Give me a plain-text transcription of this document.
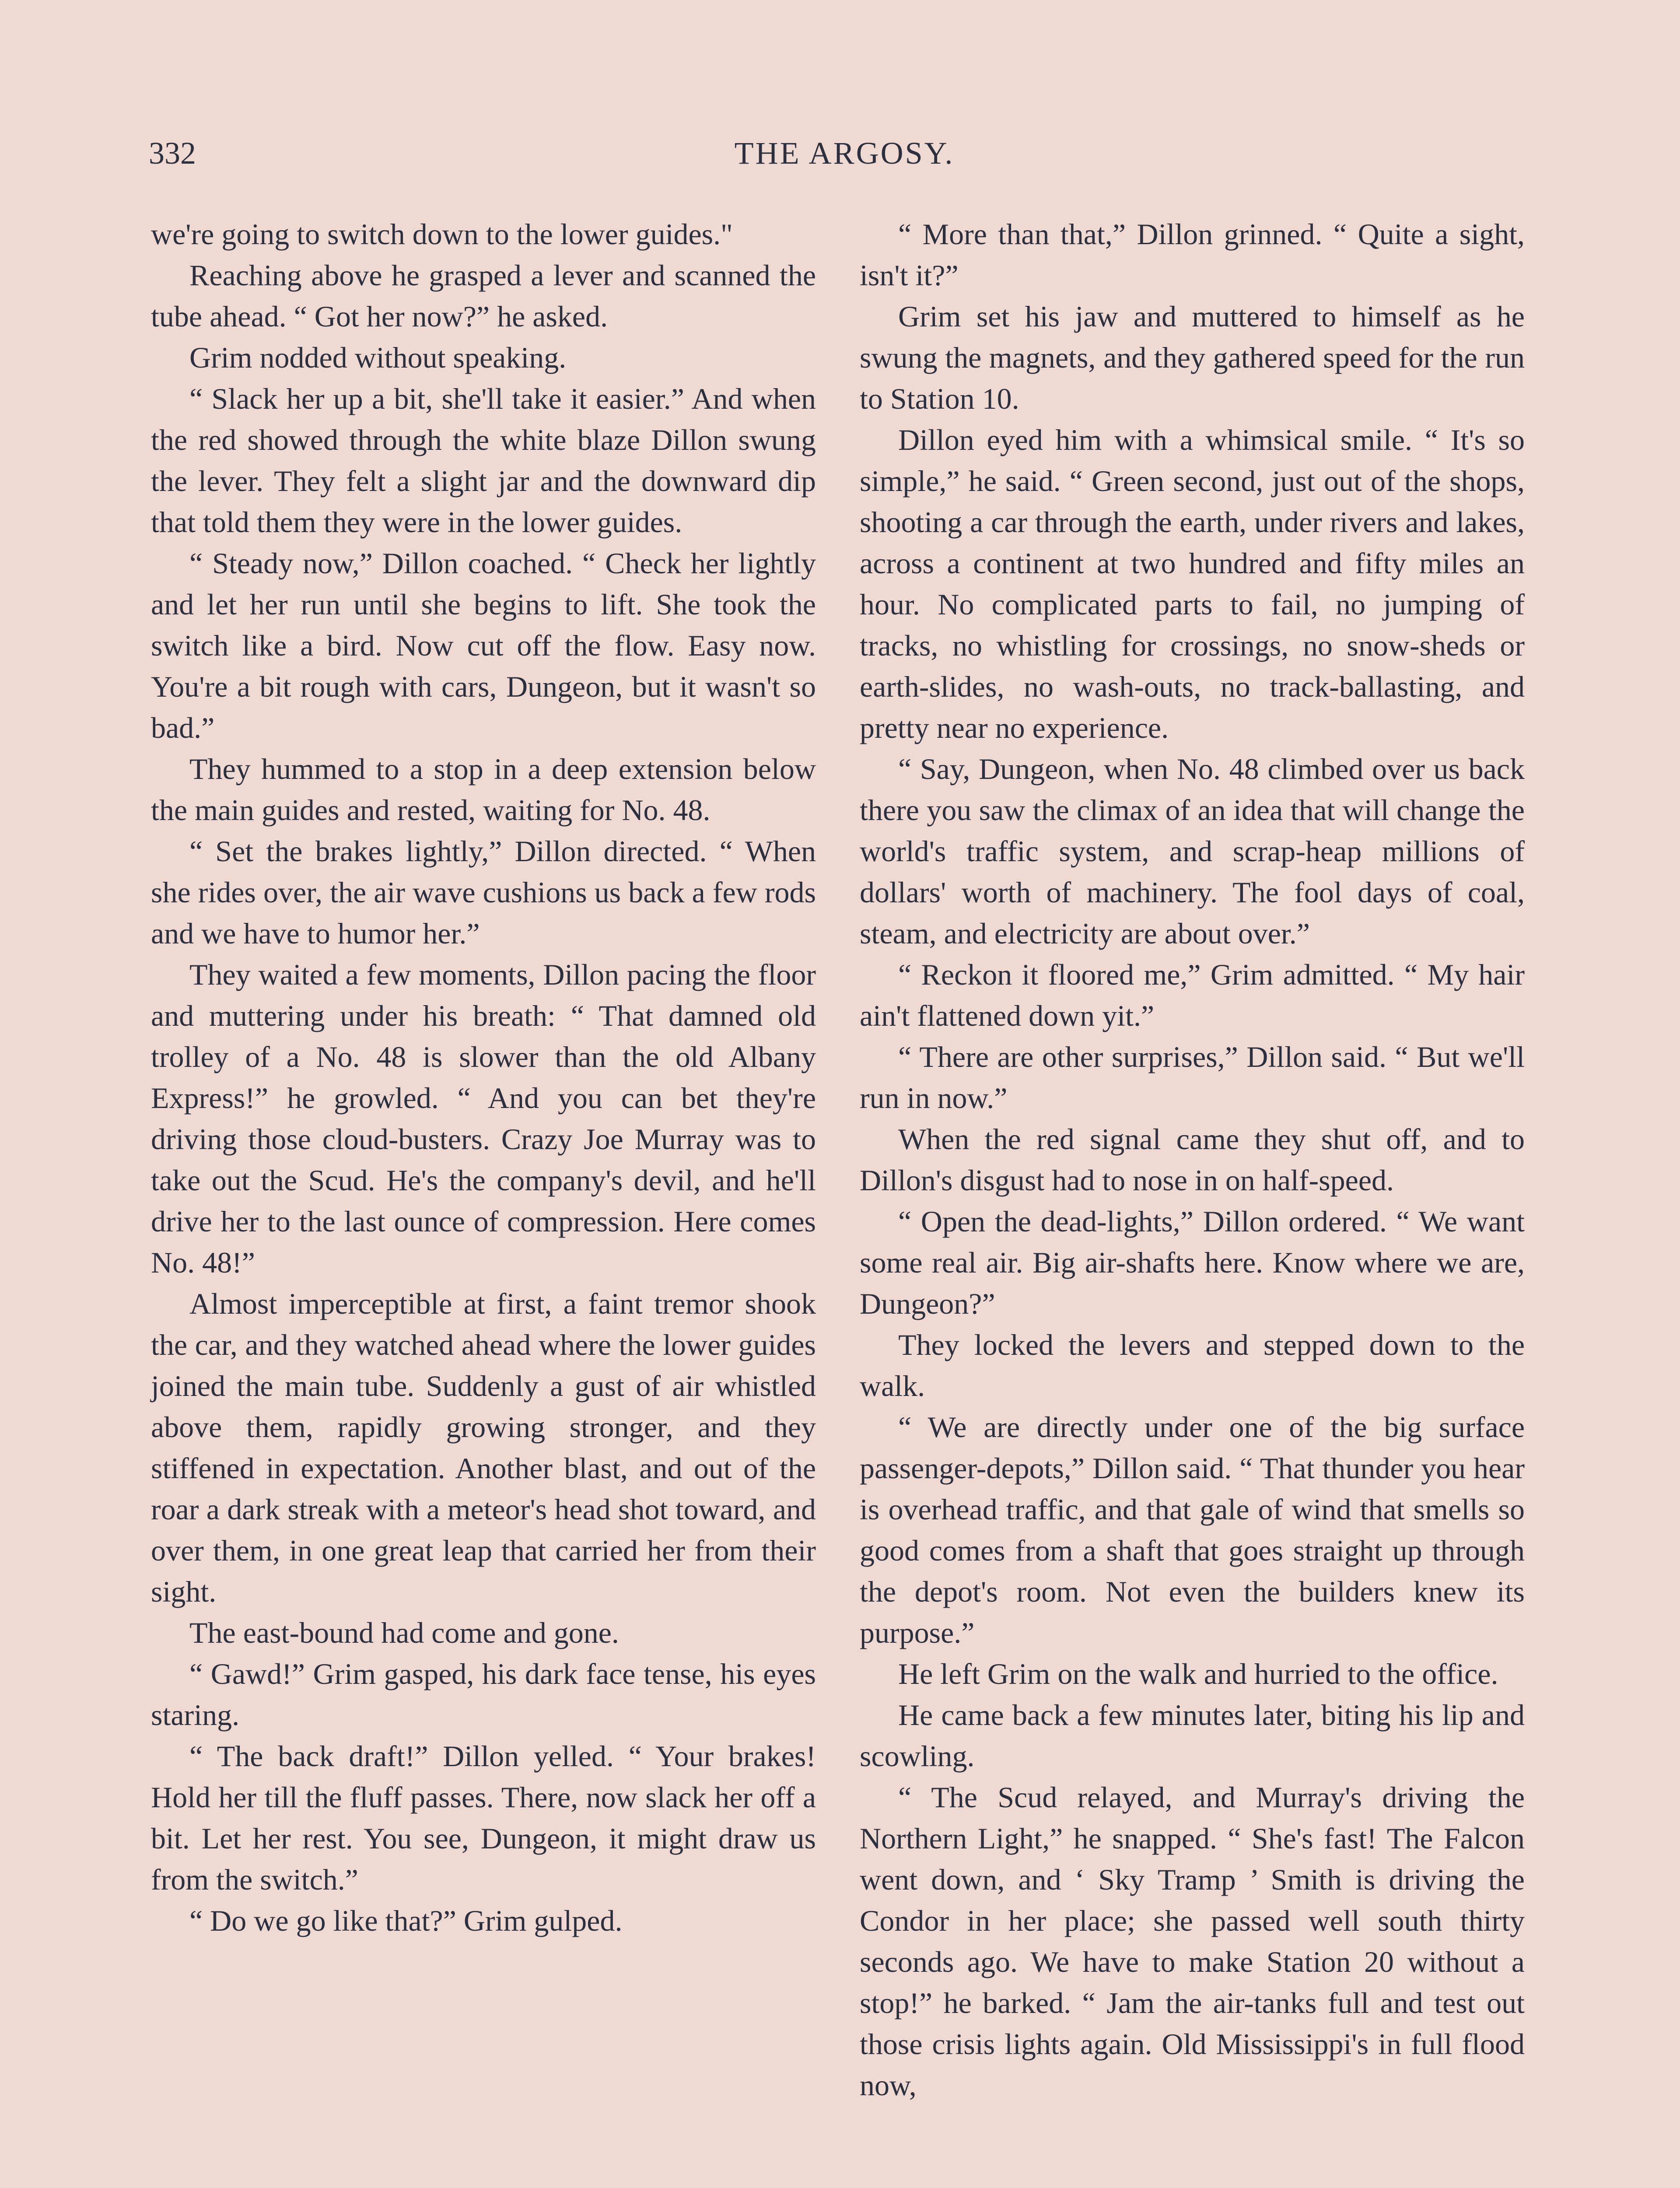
332	THE ARGOSY.

we're going to switch down to the lower guides."

Reaching above he grasped a lever and scanned the tube ahead. “ Got her now?” he asked.

Grim nodded without speaking.

“ Slack her up a bit, she'll take it easier.” And when the red showed through the white blaze Dillon swung the lever. They felt a slight jar and the downward dip that told them they were in the lower guides.

“ Steady now,” Dillon coached. “ Check her lightly and let her run until she begins to lift. She took the switch like a bird. Now cut off the flow. Easy now. You're a bit rough with cars, Dungeon, but it wasn't so bad.”

They hummed to a stop in a deep extension below the main guides and rested, waiting for No. 48.

“ Set the brakes lightly,” Dillon directed. “ When she rides over, the air wave cushions us back a few rods and we have to humor her.”

They waited a few moments, Dillon pacing the floor and muttering under his breath: “ That damned old trolley of a No. 48 is slower than the old Albany Express!” he growled. “ And you can bet they're driving those cloud-busters. Crazy Joe Murray was to take out the Scud. He's the company's devil, and he'll drive her to the last ounce of compression. Here comes No. 48!”

Almost imperceptible at first, a faint tremor shook the car, and they watched ahead where the lower guides joined the main tube. Suddenly a gust of air whistled above them, rapidly growing stronger, and they stiffened in expectation. Another blast, and out of the roar a dark streak with a meteor's head shot toward, and over them, in one great leap that carried her from their sight.

The east-bound had come and gone.

“ Gawd!” Grim gasped, his dark face tense, his eyes staring.

“ The back draft!” Dillon yelled. “ Your brakes! Hold her till the fluff passes. There, now slack her off a bit. Let her rest. You see, Dungeon, it might draw us from the switch.”

“ Do we go like that?” Grim gulped.

“ More than that,” Dillon grinned. “ Quite a sight, isn't it?”

Grim set his jaw and muttered to himself as he swung the magnets, and they gathered speed for the run to Station 10.

Dillon eyed him with a whimsical smile. “ It's so simple,” he said. “ Green second, just out of the shops, shooting a car through the earth, under rivers and lakes, across a continent at two hundred and fifty miles an hour. No complicated parts to fail, no jumping of tracks, no whistling for crossings, no snow-sheds or earth-slides, no wash-outs, no track-ballasting, and pretty near no experience.

“ Say, Dungeon, when No. 48 climbed over us back there you saw the climax of an idea that will change the world's traffic system, and scrap-heap millions of dollars' worth of machinery. The fool days of coal, steam, and electricity are about over.”

“ Reckon it floored me,” Grim admitted. “ My hair ain't flattened down yit.”

“ There are other surprises,” Dillon said. “ But we'll run in now.”

When the red signal came they shut off, and to Dillon's disgust had to nose in on half-speed.

“ Open the dead-lights,” Dillon ordered. “ We want some real air. Big air-shafts here. Know where we are, Dungeon?”

They locked the levers and stepped down to the walk.

“ We are directly under one of the big surface passenger-depots,” Dillon said. “ That thunder you hear is overhead traffic, and that gale of wind that smells so good comes from a shaft that goes straight up through the depot's room. Not even the builders knew its purpose.”

He left Grim on the walk and hurried to the office.

He came back a few minutes later, biting his lip and scowling.

“ The Scud relayed, and Murray's driving the Northern Light,” he snapped. “ She's fast! The Falcon went down, and ‘ Sky Tramp ’ Smith is driving the Condor in her place; she passed well south thirty seconds ago. We have to make Station 20 without a stop!” he barked. “ Jam the air-tanks full and test out those crisis lights again. Old Mississippi's in full flood now,
